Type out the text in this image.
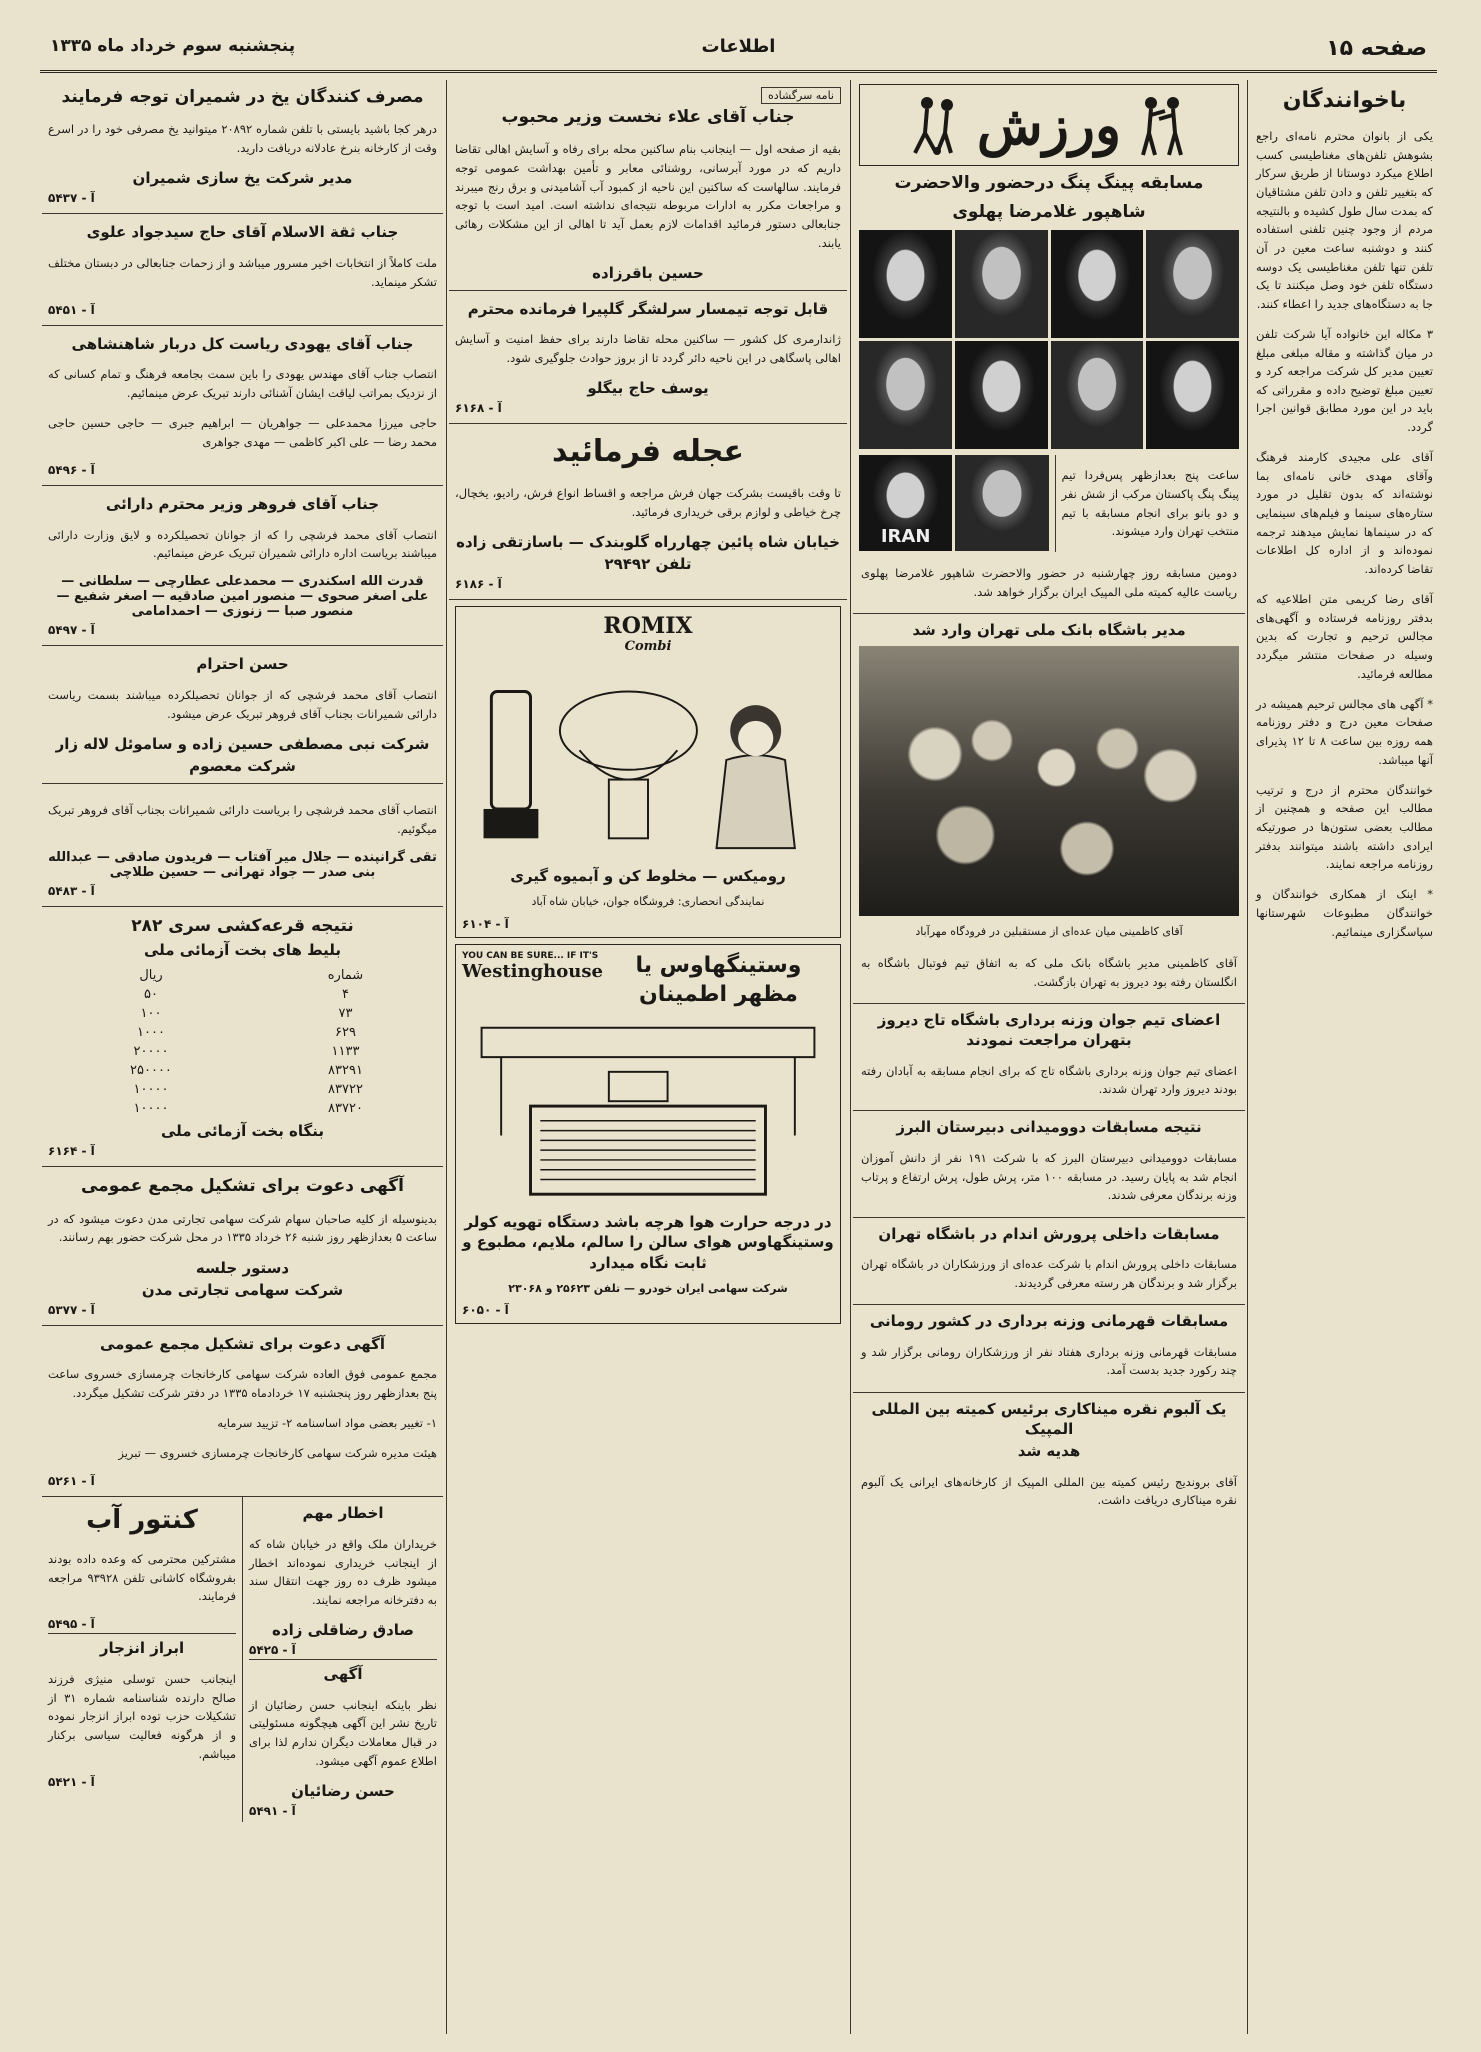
صفحه ۱۵
اطلاعات
پنجشنبه سوم خرداد ماه ۱۳۳۵
باخوانندگان

یکی از بانوان محترم نامه‌ای راجع بشوهش تلفن‌های مغناطیسی کسب اطلاع میکرد دوستانا از طریق سرکار که بتغییر تلفن و دادن تلفن مشتاقیان که بمدت سال طول کشیده و بالنتیجه مردم از وجود چنین تلفنی استفاده کنند و دوشنبه ساعت معین در آن تلفن تنها تلفن مغناطیسی یک دوسه دستگاه تلفن خود وصل میکنند تا یک جا به دستگاه‌های جدید را اعطاء کنند.

۳ مکاله این خانواده آیا شرکت تلفن در میان گذاشته و مقاله مبلغی مبلغ تعیین مدیر کل شرکت مراجعه کرد و تعیین مبلغ توضیح داده و مقرراتی که باید در این مورد مطابق قوانین اجرا گردد.

آقای علی مجیدی کارمند فرهنگ وآقای مهدی خانی نامه‌ای بما نوشته‌اند که بدون تقلیل در مورد ستاره‌های سینما و فیلم‌های سینمایی که در سینماها نمایش میدهند ترجمه نموده‌اند و از اداره کل اطلاعات تقاضا کرده‌اند.

آقای رضا کریمی متن اطلاعیه که بدفتر روزنامه فرستاده و آگهی‌های مجالس ترحیم و تجارت که بدین وسیله در صفحات منتشر میگردد مطالعه فرمائید.

* آگهی های مجالس ترحیم همیشه در صفحات معین درج و دفتر روزنامه همه روزه بین ساعت ۸ تا ۱۲ پذیرای آنها میباشد.

خوانندگان محترم از درج و ترتیب مطالب این صفحه و همچنین از مطالب بعضی ستون‌ها در صورتیکه ایرادی داشته باشند میتوانند بدفتر روزنامه مراجعه نمایند.

* اینک از همکاری خوانندگان و خوانندگان مطبوعات شهرستانها سپاسگزاری مینمائیم.

ورزش
مسابقه پینگ پنگ درحضور والاحضرت
شاهپور غلامرضا پهلوی

ساعت پنج بعدازظهر پس‌فردا تیم پینگ پنگ پاکستان مرکب از شش نفر و دو بانو برای انجام مسابقه با تیم منتخب تهران وارد میشوند.

IRAN

دومین مسابقه روز چهارشنبه در حضور والاحضرت شاهپور غلامرضا پهلوی ریاست عالیه کمیته ملی المپیک ایران برگزار خواهد شد.

مدیر باشگاه بانک ملی تهران وارد شد
آقای کاظمینی میان عده‌ای از مستقبلین در فرودگاه مهرآباد

آقای کاظمینی مدیر باشگاه بانک ملی که به اتفاق تیم فوتبال باشگاه به انگلستان رفته بود دیروز به تهران بازگشت.

اعضای تیم جوان وزنه برداری باشگاه تاج دیروز بتهران مراجعت نمودند

اعضای تیم جوان وزنه برداری باشگاه تاج که برای انجام مسابقه به آبادان رفته بودند دیروز وارد تهران شدند.

نتیجه مسابقات دوومیدانی دبیرستان البرز

مسابقات دوومیدانی دبیرستان البرز که با شرکت ۱۹۱ نفر از دانش آموزان انجام شد به پایان رسید. در مسابقه ۱۰۰ متر، پرش طول، پرش ارتفاع و پرتاب وزنه برندگان معرفی شدند.

مسابقات داخلی پرورش اندام در باشگاه تهران

مسابقات داخلی پرورش اندام با شرکت عده‌ای از ورزشکاران در باشگاه تهران برگزار شد و برندگان هر رسته معرفی گردیدند.

مسابقات قهرمانی وزنه برداری در کشور رومانی

مسابقات قهرمانی وزنه برداری هفتاد نفر از ورزشکاران رومانی برگزار شد و چند رکورد جدید بدست آمد.

یک آلبوم نقره میناکاری برئیس کمیته بین المللی المپیک
هدیه شد

آقای بروندیج رئیس کمیته بین المللی المپیک از کارخانه‌های ایرانی یک آلبوم نقره میناکاری دریافت داشت.

نامه سرگشاده
جناب آقای علاء نخست وزیر محبوب

بقیه از صفحه اول — اینجانب بنام ساکنین محله برای رفاه و آسایش اهالی تقاضا داریم که در مورد آبرسانی، روشنائی معابر و تأمین بهداشت عمومی توجه فرمایند. سالهاست که ساکنین این ناحیه از کمبود آب آشامیدنی و برق رنج میبرند و مراجعات مکرر به ادارات مربوطه نتیجه‌ای نداشته است. امید است با توجه جنابعالی دستور فرمائید اقدامات لازم بعمل آید تا اهالی از این مشکلات رهائی یابند.

حسین باقرزاده
قابل توجه تیمسار سرلشگر گلپیرا فرمانده محترم

ژاندارمری کل کشور — ساکنین محله تقاضا دارند برای حفظ امنیت و آسایش اهالی پاسگاهی در این ناحیه دائر گردد تا از بروز حوادث جلوگیری شود.

یوسف حاج بیگلو
آ - ۶۱۶۸
عجله فرمائید

تا وقت باقیست بشرکت جهان فرش مراجعه و اقساط انواع فرش، رادیو، یخچال، چرخ خیاطی و لوازم برقی خریداری فرمائید.

خیابان شاه پائین چهارراه گلوبندک — باسازتقی زاده
تلفن ۲۹۴۹۲
آ - ۶۱۸۶
ROMIX
Combi
رومیکس — مخلوط کن و آبمیوه گیری
نمایندگی انحصاری: فروشگاه جوان، خیابان شاه آباد
آ - ۶۱۰۴
وستینگهاوس یا مظهر اطمینان
YOU CAN BE SURE... IF IT'S
Westinghouse
در درجه حرارت هوا هرچه باشد دستگاه تهویه کولر وستینگهاوس هوای سالن را سالم، ملایم، مطبوع و ثابت نگاه میدارد
شرکت سهامی ایران خودرو — تلفن ۲۵۶۲۳ و ۲۳۰۶۸
آ - ۶۰۵۰
مصرف کنندگان یخ در شمیران توجه فرمایند

درهر کجا باشید بایستی با تلفن شماره ۲۰۸۹۲ میتوانید یخ مصرفی خود را در اسرع وقت از کارخانه بنرخ عادلانه دریافت دارید.

مدیر شرکت یخ سازی شمیران
آ - ۵۴۳۷
جناب ثقة الاسلام آقای حاج سیدجواد علوی

ملت کاملاً از انتخابات اخیر مسرور میباشد و از زحمات جنابعالی در دبستان مختلف تشکر مینماید.

آ - ۵۴۵۱
جناب آقای یهودی ریاست کل دربار شاهنشاهی

انتصاب جناب آقای مهندس یهودی را باین سمت بجامعه فرهنگ و تمام کسانی که از نزدیک بمراتب لیاقت ایشان آشنائی دارند تبریک عرض مینمائیم.

حاجی میرزا محمدعلی — جواهریان — ابراهیم جبری — حاجی حسین حاجی محمد رضا — علی اکبر کاظمی — مهدی جواهری

آ - ۵۴۹۶
جناب آقای فروهر وزیر محترم دارائی

انتصاب آقای محمد فرشچی را که از جوانان تحصیلکرده و لایق وزارت دارائی میباشند بریاست اداره دارائی شمیران تبریک عرض مینمائیم.

قدرت الله اسکندری — محمدعلی عطارچی — سلطانی — علی اصغر صحوی — منصور امین صادقیه — اصغر شفیع — منصور صبا — زنوزی — احمدامامی
آ - ۵۴۹۷
حسن احترام

انتصاب آقای محمد فرشچی که از جوانان تحصیلکرده میباشند بسمت ریاست دارائی شمیرانات بجناب آقای فروهر تبریک عرض میشود.

شرکت نبی مصطفی حسین زاده و ساموئل لاله زار
شرکت معصوم

انتصاب آقای محمد فرشچی را بریاست دارائی شمیرانات بجناب آقای فروهر تبریک میگوئیم.

تقی گرانپنده — جلال میر آفتاب — فریدون صادقی — عبدالله بنی صدر — جواد تهرانی — حسین طلاچی
آ - ۵۴۸۳
نتیجه قرعه‌کشی سری ۲۸۲
بلیط های بخت آزمائی ملی
شماره	ریال
۴	۵۰
۷۳	۱۰۰
۶۲۹	۱۰۰۰
۱۱۳۳	۲۰۰۰۰
۸۳۲۹۱	۲۵۰۰۰۰
۸۳۷۲۲	۱۰۰۰۰
۸۳۷۲۰	۱۰۰۰۰
بنگاه بخت آزمائی ملی
آ - ۶۱۶۴
آگهی دعوت برای تشکیل مجمع عمومی

بدینوسیله از کلیه صاحبان سهام شرکت سهامی تجارتی مدن دعوت میشود که در ساعت ۵ بعدازظهر روز شنبه ۲۶ خرداد ۱۳۳۵ در محل شرکت حضور بهم رسانند.

دستور جلسه
شرکت سهامی تجارتی مدن
آ - ۵۳۷۷
آگهی دعوت برای تشکیل مجمع عمومی

مجمع عمومی فوق العاده شرکت سهامی کارخانجات چرمسازی خسروی ساعت پنج بعدازظهر روز پنجشنبه ۱۷ خردادماه ۱۳۳۵ در دفتر شرکت تشکیل میگردد.

۱- تغییر بعضی مواد اساسنامه ۲- تزیید سرمایه

هیئت مدیره شرکت سهامی کارخانجات چرمسازی خسروی — تبریز

آ - ۵۲۶۱
اخطار مهم

خریداران ملک واقع در خیابان شاه که از اینجانب خریداری نموده‌اند اخطار میشود ظرف ده روز جهت انتقال سند به دفترخانه مراجعه نمایند.

صادق رضاقلی زاده
آ - ۵۴۲۵
آگهی

نظر باینکه اینجانب حسن رضائیان از تاریخ نشر این آگهی هیچگونه مسئولیتی در قبال معاملات دیگران ندارم لذا برای اطلاع عموم آگهی میشود.

حسن رضائیان
آ - ۵۴۹۱
کنتور آب

مشترکین محترمی که وعده داده بودند بفروشگاه کاشانی تلفن ۹۳۹۲۸ مراجعه فرمایند.

آ - ۵۴۹۵
ابراز انزجار

اینجانب حسن توسلی منیژی فرزند صالح دارنده شناسنامه شماره ۳۱ از تشکیلات حزب توده ابراز انزجار نموده و از هرگونه فعالیت سیاسی برکنار میباشم.

آ - ۵۴۲۱
